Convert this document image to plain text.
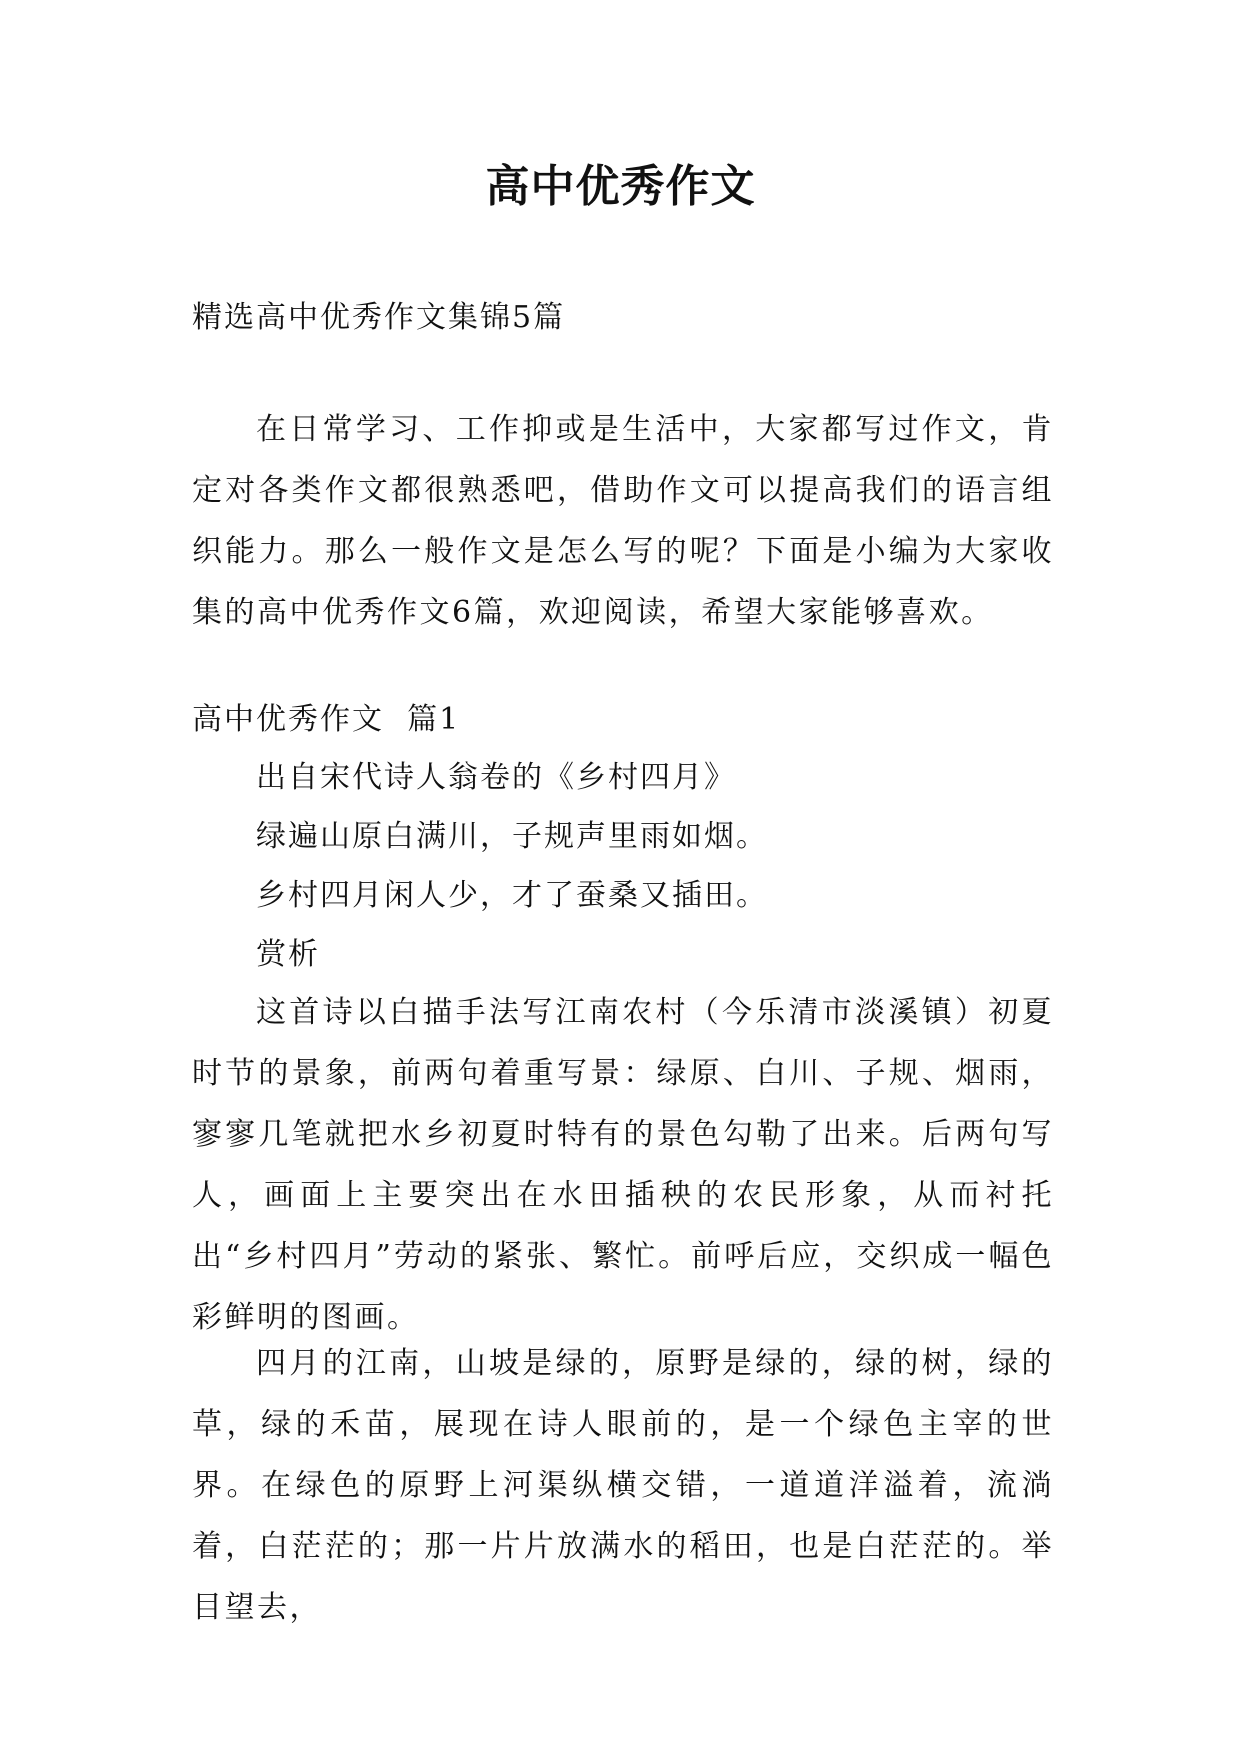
高中优秀作文
精选高中优秀作文集锦5篇
在日常学习、工作抑或是生活中，大家都写过作文，肯定对各类作文都很熟悉吧，借助作文可以提高我们的语言组织能力。那么一般作文是怎么写的呢？下面是小编为大家收集的高中优秀作文6篇，欢迎阅读，希望大家能够喜欢。
高中优秀作文  篇1
出自宋代诗人翁卷的《乡村四月》
绿遍山原白满川，子规声里雨如烟。
乡村四月闲人少，才了蚕桑又插田。
赏析
这首诗以白描手法写江南农村（今乐清市淡溪镇）初夏时节的景象，前两句着重写景：绿原、白川、子规、烟雨，寥寥几笔就把水乡初夏时特有的景色勾勒了出来。后两句写人，画面上主要突出在水田插秧的农民形象，从而衬托出“乡村四月”劳动的紧张、繁忙。前呼后应，交织成一幅色彩鲜明的图画。
四月的江南，山坡是绿的，原野是绿的，绿的树，绿的草，绿的禾苗，展现在诗人眼前的，是一个绿色主宰的世界。在绿色的原野上河渠纵横交错，一道道洋溢着，流淌着，白茫茫的；那一片片放满水的稻田，也是白茫茫的。举目望去，
